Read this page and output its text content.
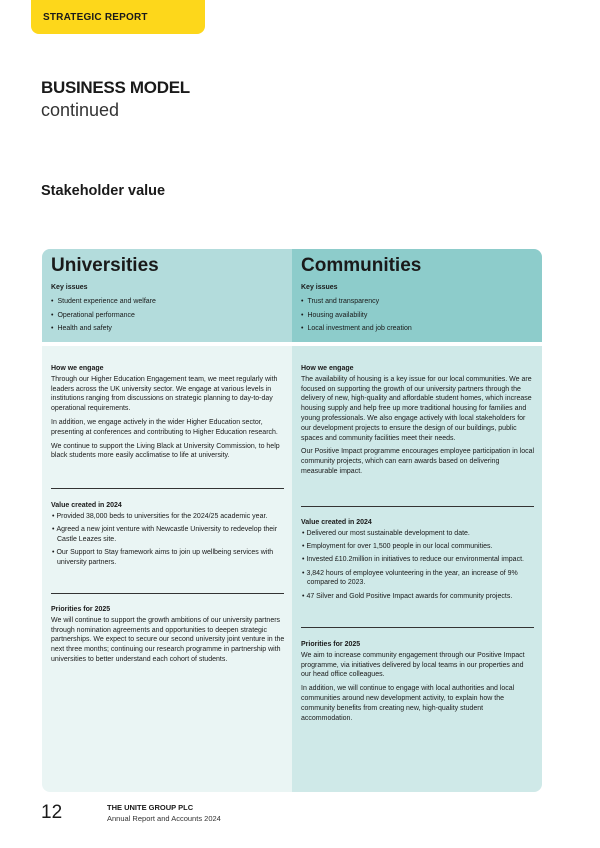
STRATEGIC REPORT
BUSINESS MODEL
continued
Stakeholder value
Universities
Key issues
• Student experience and welfare
• Operational performance
• Health and safety
How we engage

Through our Higher Education Engagement team, we meet regularly with leaders across the UK university sector. We engage at various levels in institutions ranging from discussions on strategic planning to day-to-day operational requirements.

In addition, we engage actively in the wider Higher Education sector, presenting at conferences and contributing to Higher Education research.

We continue to support the Living Black at University Commission, to help black students more easily acclimatise to life at university.

Value created in 2024
• Provided 38,000 beds to universities for the 2024/25 academic year.
• Agreed a new joint venture with Newcastle University to redevelop their Castle Leazes site.
• Our Support to Stay framework aims to join up wellbeing services with university partners.
Priorities for 2025

We will continue to support the growth ambitions of our university partners through nomination agreements and opportunities to deepen strategic partnerships. We expect to secure our second university joint venture in the next three months; continuing our research programme in partnership with universities to better understand each cohort of students.

Communities
Key issues
• Trust and transparency
• Housing availability
• Local investment and job creation
How we engage

The availability of housing is a key issue for our local communities. We are focused on supporting the growth of our university partners through the delivery of new, high-quality and affordable student homes, which increase housing supply and help free up more traditional housing for families and young professionals. We also engage actively with local stakeholders for our development projects to ensure the design of our buildings, public spaces and community facilities meet their needs.

Our Positive Impact programme encourages employee participation in local community projects, which can earn awards based on delivering measurable impact.

Value created in 2024
• Delivered our most sustainable development to date.
• Employment for over 1,500 people in our local communities.
• Invested £10.2million in initiatives to reduce our environmental impact.
• 3,842 hours of employee volunteering in the year, an increase of 9% compared to 2023.
• 47 Silver and Gold Positive Impact awards for community projects.
Priorities for 2025

We aim to increase community engagement through our Positive Impact programme, via initiatives delivered by local teams in our properties and our head office colleagues.

In addition, we will continue to engage with local authorities and local communities around new development activity, to explain how the community benefits from creating new, high-quality student accommodation.

12	THE UNITE GROUP PLC
Annual Report and Accounts 2024
